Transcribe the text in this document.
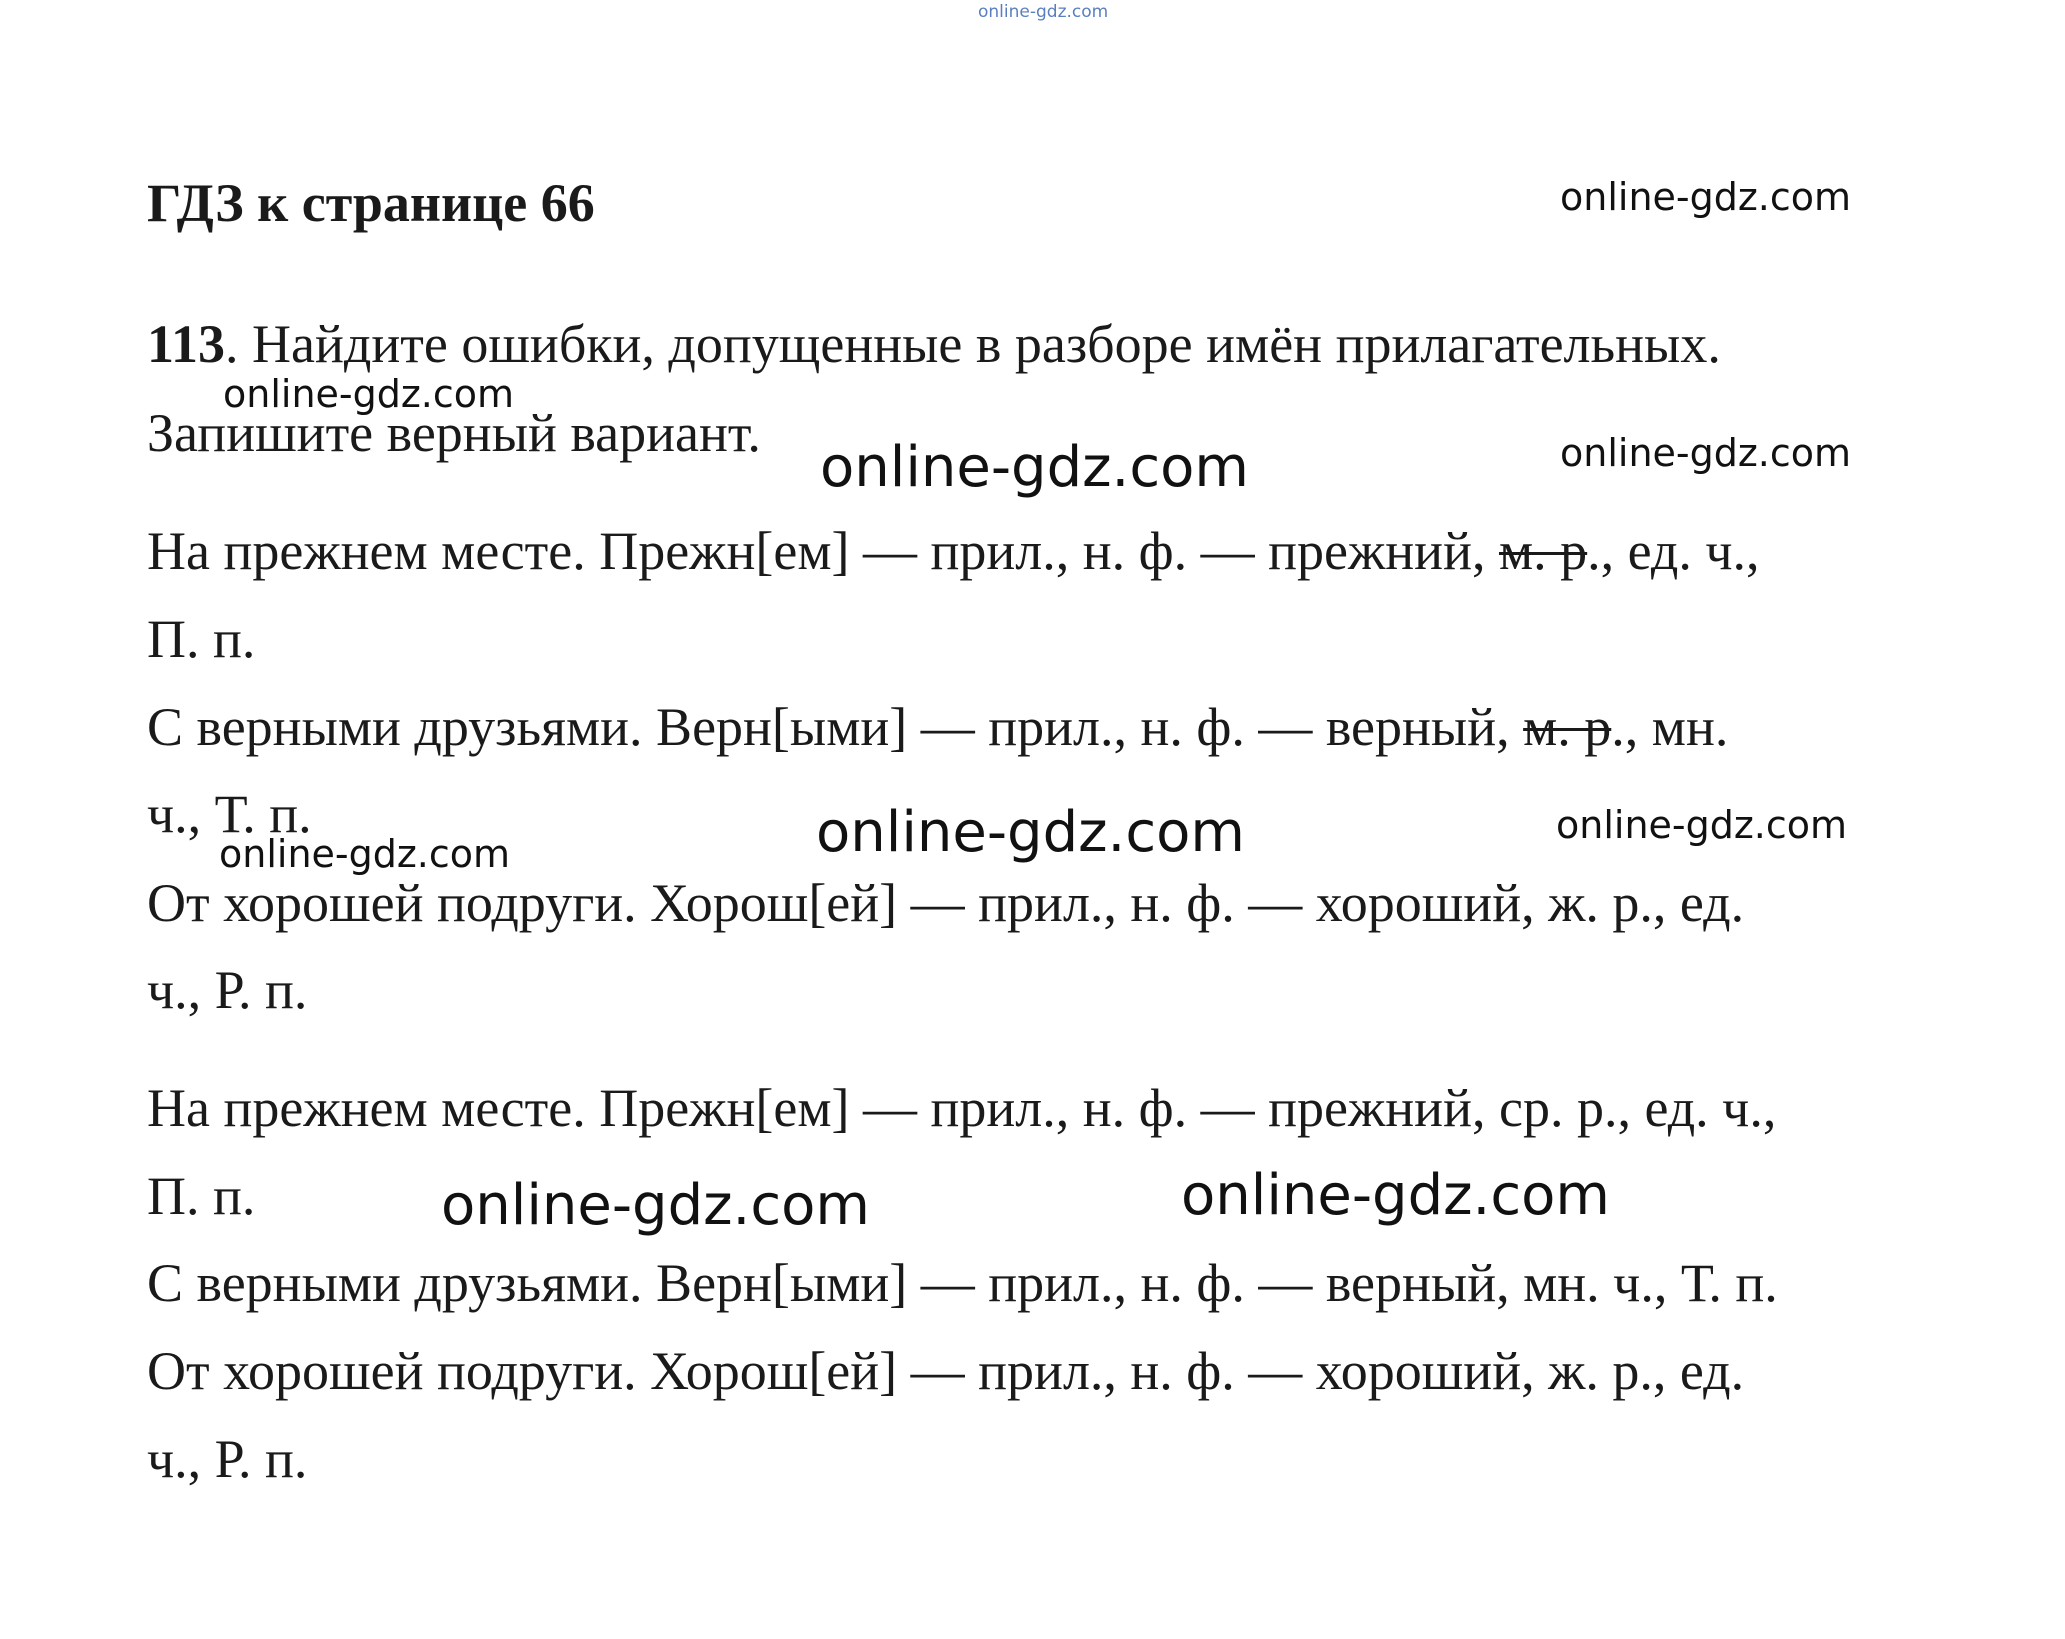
online-gdz.com
ГДЗ к странице 66
113. Найдите ошибки, допущенные в разборе имён прилагательных.
Запишите верный вариант.
На прежнем месте. Прежн[ем] — прил., н. ф. — прежний, м. р., ед. ч.,
П. п.
С верными друзьями. Верн[ыми] — прил., н. ф. — верный, м. р., мн.
ч., Т. п.
От хорошей подруги. Хорош[ей] — прил., н. ф. — хороший, ж. р., ед.
ч., Р. п.
На прежнем месте. Прежн[ем] — прил., н. ф. — прежний, ср. р., ед. ч.,
П. п.
С верными друзьями. Верн[ыми] — прил., н. ф. — верный, мн. ч., Т. п.
От хорошей подруги. Хорош[ей] — прил., н. ф. — хороший, ж. р., ед.
ч., Р. п.
online-gdz.com
online-gdz.com
online-gdz.com	online-gdz.com
online-gdz.com	online-gdz.com
online-gdz.com
online-gdz.com	online-gdz.com
